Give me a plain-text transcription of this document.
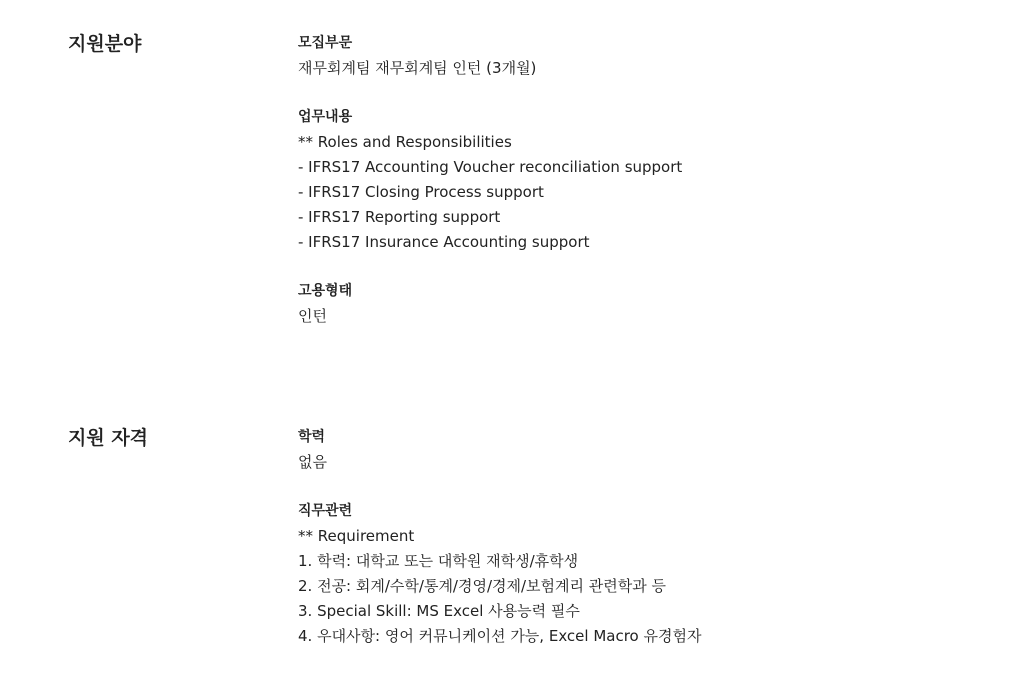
지원분야	모집부문

재무회계팀 재무회계팀 인턴 (3개월)

업무내용

** Roles and Responsibilities

- IFRS17 Accounting Voucher reconciliation support

- IFRS17 Closing Process support

- IFRS17 Reporting support

- IFRS17 Insurance Accounting support

고용형태

인턴

지원 자격	학력

없음

직무관련

** Requirement

1. 학력: 대학교 또는 대학원 재학생/휴학생

2. 전공: 회계/수학/통계/경영/경제/보험계리 관련학과 등

3. Special Skill: MS Excel 사용능력 필수

4. 우대사항: 영어 커뮤니케이션 가능, Excel Macro 유경험자
